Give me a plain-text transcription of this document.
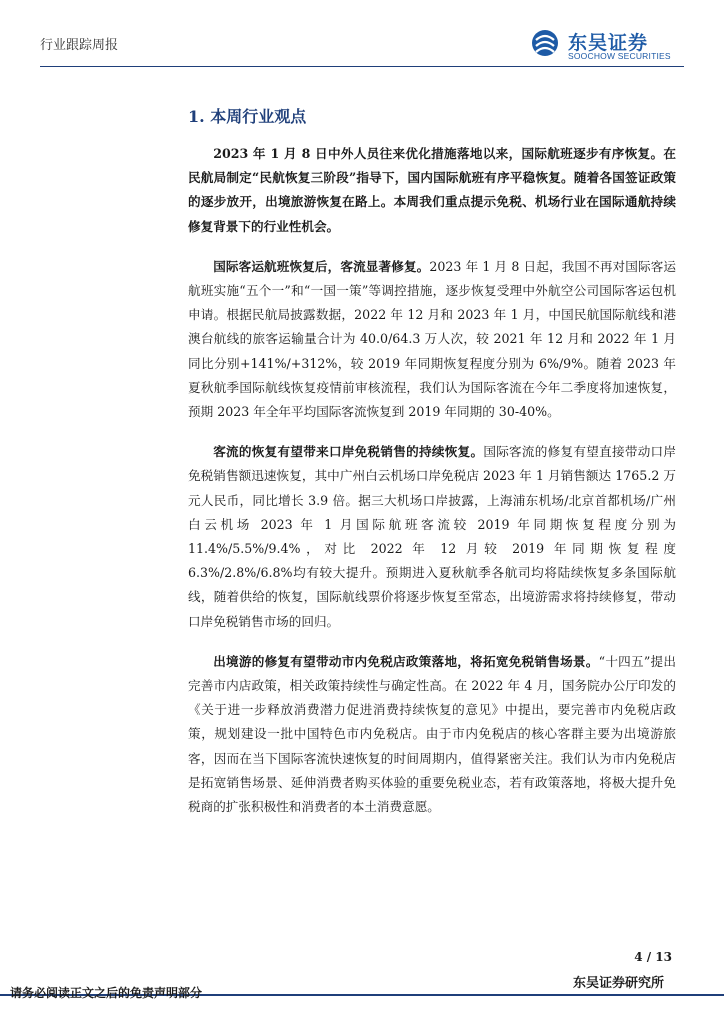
行业跟踪周报	东吴证券
SOOCHOW SECURITIES
1. 本周行业观点

2023 年 1 月 8 日中外人员往来优化措施落地以来，国际航班逐步有序恢复。在民航局制定“民航恢复三阶段”指导下，国内国际航班有序平稳恢复。随着各国签证政策的逐步放开，出境旅游恢复在路上。本周我们重点提示免税、机场行业在国际通航持续修复背景下的行业性机会。

国际客运航班恢复后，客流显著修复。2023 年 1 月 8 日起，我国不再对国际客运航班实施“五个一”和“一国一策”等调控措施，逐步恢复受理中外航空公司国际客运包机申请。根据民航局披露数据，2022 年 12 月和 2023 年 1 月，中国民航国际航线和港澳台航线的旅客运输量合计为 40.0/64.3 万人次，较 2021 年 12 月和 2022 年 1 月同比分别+141%/+312%，较 2019 年同期恢复程度分别为 6%/9%。随着 2023 年夏秋航季国际航线恢复疫情前审核流程，我们认为国际客流在今年二季度将加速恢复，预期 2023 年全年平均国际客流恢复到 2019 年同期的 30-40%。

客流的恢复有望带来口岸免税销售的持续恢复。国际客流的修复有望直接带动口岸免税销售额迅速恢复，其中广州白云机场口岸免税店 2023 年 1 月销售额达 1765.2 万元人民币，同比增长 3.9 倍。据三大机场口岸披露，上海浦东机场/北京首都机场/广州白云机场 2023 年 1 月国际航班客流较 2019 年同期恢复程度分别为 11.4%/5.5%/9.4%，对比 2022 年 12 月较 2019 年同期恢复程度 6.3%/2.8%/6.8%均有较大提升。预期进入夏秋航季各航司均将陆续恢复多条国际航线，随着供给的恢复，国际航线票价将逐步恢复至常态，出境游需求将持续修复，带动口岸免税销售市场的回归。

出境游的修复有望带动市内免税店政策落地，将拓宽免税销售场景。“十四五”提出完善市内店政策，相关政策持续性与确定性高。在 2022 年 4 月，国务院办公厅印发的《关于进一步释放消费潜力促进消费持续恢复的意见》中提出，要完善市内免税店政策，规划建设一批中国特色市内免税店。由于市内免税店的核心客群主要为出境游旅客，因而在当下国际客流快速恢复的时间周期内，值得紧密关注。我们认为市内免税店是拓宽销售场景、延伸消费者购买体验的重要免税业态，若有政策落地，将极大提升免税商的扩张积极性和消费者的本土消费意愿。

4 / 13
东吴证券研究所
请务必阅读正文之后的免责声明部分
